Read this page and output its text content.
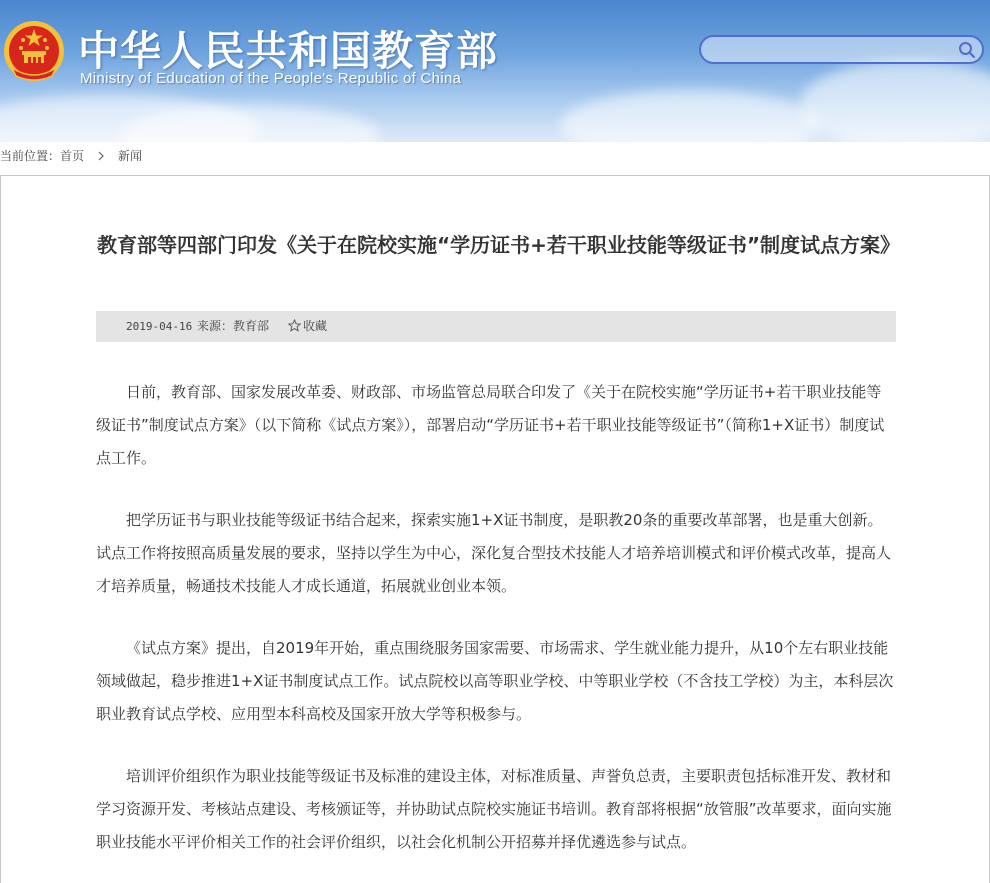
中华人民共和国教育部
Ministry of Education of the People's Republic of China
当前位置：首页	新闻
教育部等四部门印发《关于在院校实施“学历证书+若干职业技能等级证书”制度试点方案》
2019-04-16 来源： 教育部	收藏

日前，教育部、国家发展改革委、财政部、市场监管总局联合印发了《关于在院校实施“学历证书+若干职业技能等级证书”制度试点方案》（以下简称《试点方案》），部署启动“学历证书+若干职业技能等级证书”（简称1+X证书）制度试点工作。

把学历证书与职业技能等级证书结合起来，探索实施1+X证书制度，是职教20条的重要改革部署，也是重大创新。试点工作将按照高质量发展的要求，坚持以学生为中心，深化复合型技术技能人才培养培训模式和评价模式改革，提高人才培养质量，畅通技术技能人才成长通道，拓展就业创业本领。

《试点方案》提出，自2019年开始，重点围绕服务国家需要、市场需求、学生就业能力提升，从10个左右职业技能领域做起，稳步推进1+X证书制度试点工作。试点院校以高等职业学校、中等职业学校（不含技工学校）为主，本科层次职业教育试点学校、应用型本科高校及国家开放大学等积极参与。

培训评价组织作为职业技能等级证书及标准的建设主体，对标准质量、声誉负总责，主要职责包括标准开发、教材和学习资源开发、考核站点建设、考核颁证等，并协助试点院校实施证书培训。教育部将根据“放管服”改革要求，面向实施职业技能水平评价相关工作的社会评价组织，以社会化机制公开招募并择优遴选参与试点。
